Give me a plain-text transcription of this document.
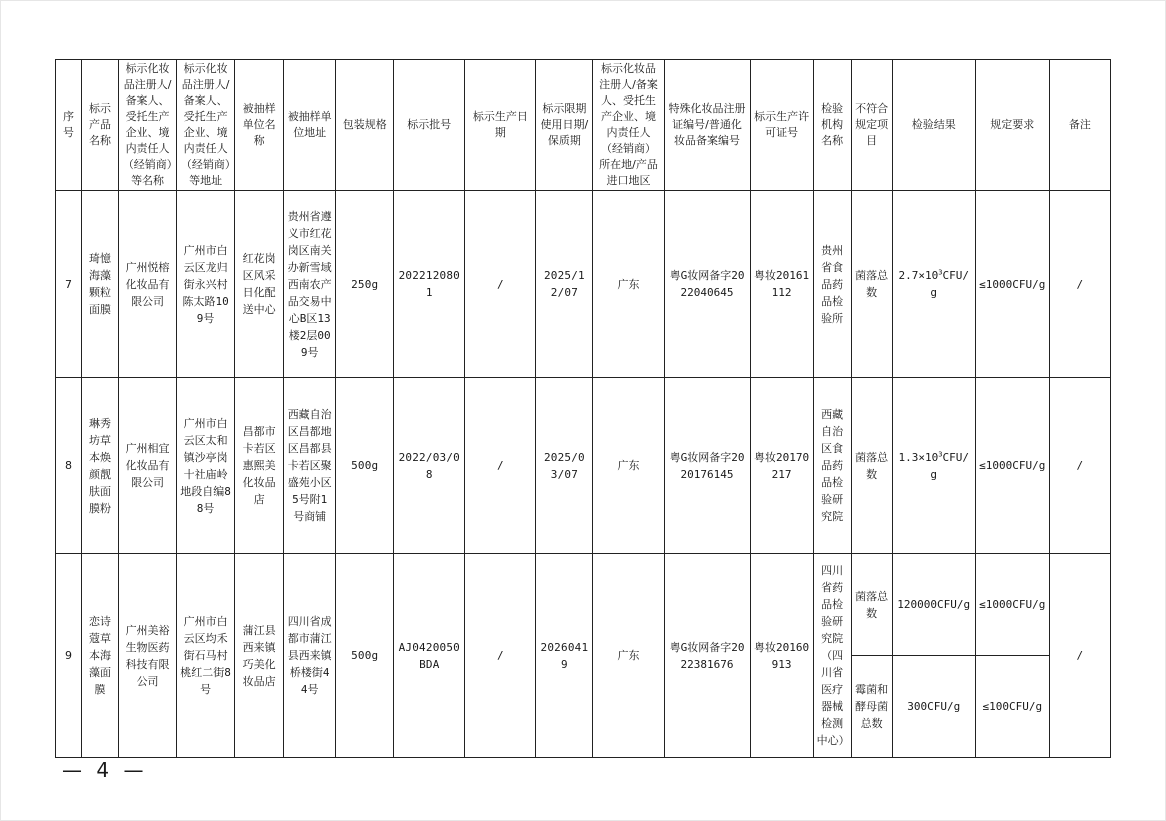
序号	标示产品名称	标示化妆品注册人/备案人、受托生产企业、境内责任人（经销商）等名称	标示化妆品注册人/备案人、受托生产企业、境内责任人（经销商）等地址	被抽样单位名称	被抽样单位地址	包装规格	标示批号	标示生产日期	标示限期使用日期/保质期	标示化妆品注册人/备案人、受托生产企业、境内责任人（经销商）所在地/产品进口地区	特殊化妆品注册证编号/普通化妆品备案编号	标示生产许可证号	检验机构名称	不符合规定项目	检验结果	规定要求	备注
7	琦憶海藻颗粒面膜	广州悦榕化妆品有限公司	广州市白云区龙归街永兴村陈太路109号	红花岗区风采日化配送中心	贵州省遵义市红花岗区南关办新雪域西南农产品交易中心B区13楼2层009号	250g	2022120801	/	2025/12/07	广东	粤G妆网备字2022040645	粤妆20161112	贵州省食品药品检验所	菌落总数	$2.7\times 10^3CFU/g$	≤1000CFU/g	/
8	琳秀坊草本焕颜靓肤面膜粉	广州相宜化妆品有限公司	广州市白云区太和镇沙亭岗十社庙岭地段自编88号	昌都市卡若区惠熙美化妆品店	西藏自治区昌都地区昌都县卡若区聚盛苑小区5号附1号商铺	500g	2022/03/08	/	2025/03/07	广东	粤G妆网备字2020176145	粤妆20170217	西藏自治区食品药品检验研究院	菌落总数	$1.3\times 10^3CFU/g$	≤1000CFU/g	/
9	恋诗蔻草本海藻面膜	广州美裕生物医药科技有限公司	广州市白云区均禾街石马村桃红二街8号	蒲江县西来镇巧美化妆品店	四川省成都市蒲江县西来镇桥楼街44号	500g	AJ0420050BDA	/	20260419	广东	粤G妆网备字2022381676	粤妆20160913	四川省药品检验研究院（四川省医疗器械检测中心）	菌落总数	120000CFU/g	≤1000CFU/g	/
														霉菌和酵母菌总数	300CFU/g	≤100CFU/g	
— 4 —
